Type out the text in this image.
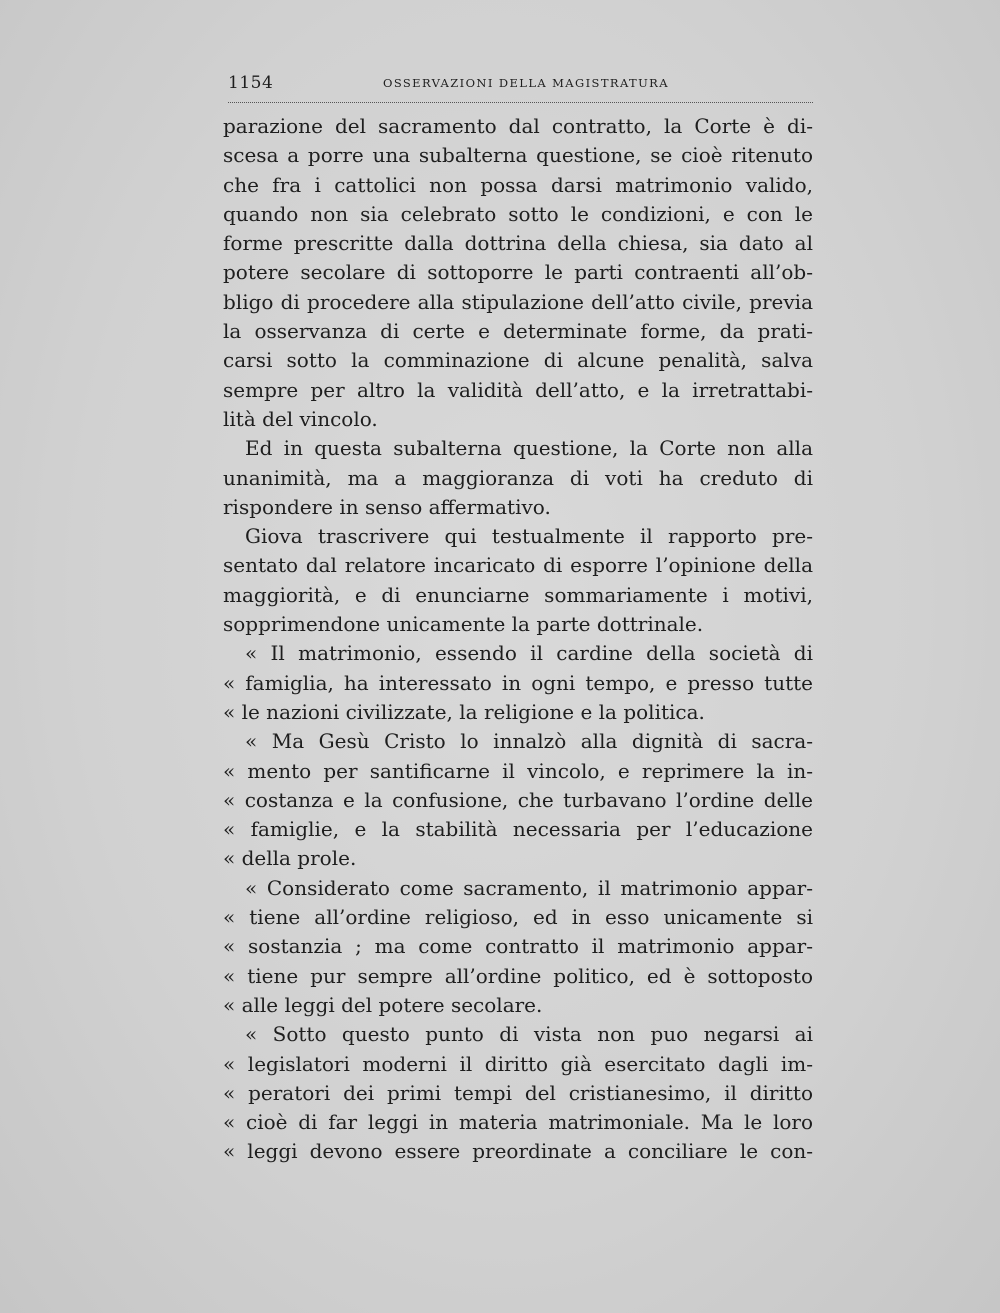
1154	OSSERVAZIONI DELLA MAGISTRATURA
parazione del sacramento dal contratto, la Corte è di-
scesa a porre una subalterna questione, se cioè ritenuto
che fra i cattolici non possa darsi matrimonio valido,
quando non sia celebrato sotto le condizioni, e con le
forme prescritte dalla dottrina della chiesa, sia dato al
potere secolare di sottoporre le parti contraenti all’ob-
bligo di procedere alla stipulazione dell’atto civile, previa
la osservanza di certe e determinate forme, da prati-
carsi sotto la comminazione di alcune penalità, salva
sempre per altro la validità dell’atto, e la irretrattabi-
lità del vincolo.
Ed in questa subalterna questione, la Corte non alla
unanimità, ma a maggioranza di voti ha creduto di
rispondere in senso affermativo.
Giova trascrivere qui testualmente il rapporto pre-
sentato dal relatore incaricato di esporre l’opinione della
maggiorità, e di enunciarne sommariamente i motivi,
sopprimendone unicamente la parte dottrinale.
« Il matrimonio, essendo il cardine della società di
« famiglia, ha interessato in ogni tempo, e presso tutte
« le nazioni civilizzate, la religione e la politica.
« Ma Gesù Cristo lo innalzò alla dignità di sacra-
« mento per santificarne il vincolo, e reprimere la in-
« costanza e la confusione, che turbavano l’ordine delle
« famiglie, e la stabilità necessaria per l’educazione
« della prole.
« Considerato come sacramento, il matrimonio appar-
« tiene all’ordine religioso, ed in esso unicamente si
« sostanzia ; ma come contratto il matrimonio appar-
« tiene pur sempre all’ordine politico, ed è sottoposto
« alle leggi del potere secolare.
« Sotto questo punto di vista non puo negarsi ai
« legislatori moderni il diritto già esercitato dagli im-
« peratori dei primi tempi del cristianesimo, il diritto
« cioè di far leggi in materia matrimoniale. Ma le loro
« leggi devono essere preordinate a conciliare le con-
